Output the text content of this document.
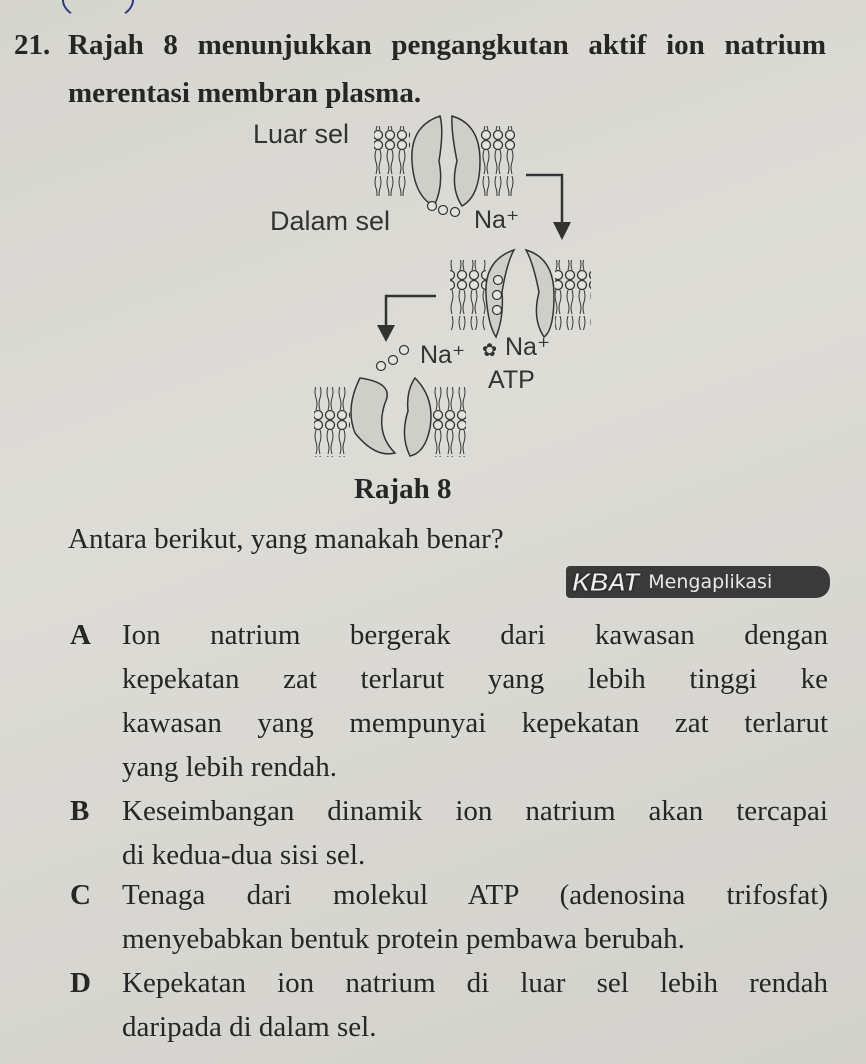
21. Rajah 8 menunjukkan pengangkutan aktif ion natrium
merentasi membran plasma.
Luar sel
Dalam sel	Na⁺
✿ Na⁺
ATP
Na⁺
Rajah 8
Antara berikut, yang manakah benar?
KBAT Mengaplikasi
A Ion natrium bergerak dari kawasan dengan
kepekatan zat terlarut yang lebih tinggi ke
kawasan yang mempunyai kepekatan zat terlarut
yang lebih rendah.
B Keseimbangan dinamik ion natrium akan tercapai
di kedua-dua sisi sel.
C Tenaga dari molekul ATP (adenosina trifosfat)
menyebabkan bentuk protein pembawa berubah.
D Kepekatan ion natrium di luar sel lebih rendah
daripada di dalam sel.
